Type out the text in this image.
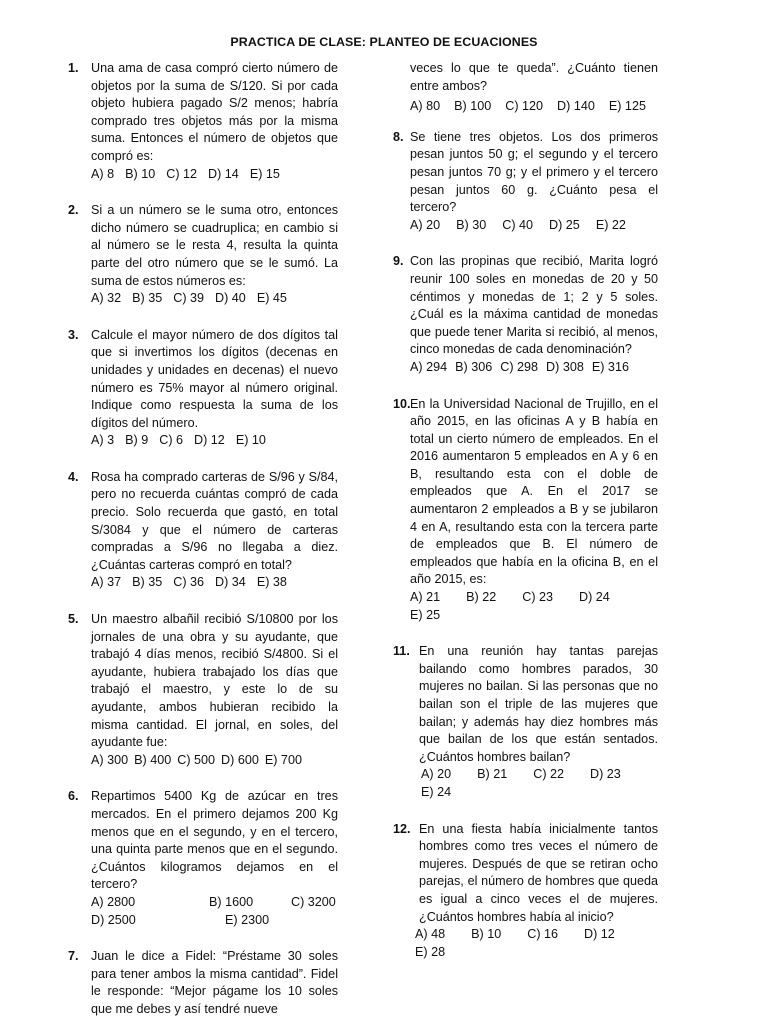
PRACTICA DE CLASE: PLANTEO DE ECUACIONES
1. Una ama de casa compró cierto número de objetos por la suma de S/120. Si por cada objeto hubiera pagado S/2 menos; habría comprado tres objetos más por la misma suma. Entonces el número de objetos que compró es:
A) 8 B) 10 C) 12 D) 14 E) 15
2. Si a un número se le suma otro, entonces dicho número se cuadruplica; en cambio si al número se le resta 4, resulta la quinta parte del otro número que se le sumó. La suma de estos números es:
A) 32 B) 35 C) 39 D) 40 E) 45
3. Calcule el mayor número de dos dígitos tal que si invertimos los dígitos (decenas en unidades y unidades en decenas) el nuevo número es 75% mayor al número original. Indique como respuesta la suma de los dígitos del número.
A) 3 B) 9 C) 6 D) 12 E) 10
4. Rosa ha comprado carteras de S/96 y S/84, pero no recuerda cuántas compró de cada precio. Solo recuerda que gastó, en total S/3084 y que el número de carteras compradas a S/96 no llegaba a diez. ¿Cuántas carteras compró en total?
A) 37 B) 35 C) 36 D) 34 E) 38
5. Un maestro albañil recibió S/10800 por los jornales de una obra y su ayudante, que trabajó 4 días menos, recibió S/4800. Si el ayudante, hubiera trabajado los días que trabajó el maestro, y este lo de su ayudante, ambos hubieran recibido la misma cantidad. El jornal, en soles, del ayudante fue:
A) 300 B) 400 C) 500 D) 600 E) 700
6. Repartimos 5400 Kg de azúcar en tres mercados. En el primero dejamos 200 Kg menos que en el segundo, y en el tercero, una quinta parte menos que en el segundo. ¿Cuántos kilogramos dejamos en el tercero?
A) 2800	B) 1600	C) 3200
D) 2500	E) 2300
7. Juan le dice a Fidel: “Préstame 30 soles para tener ambos la misma cantidad”. Fidel le responde: “Mejor págame los 10 soles que me debes y así tendré nueve
veces lo que te queda”. ¿Cuánto tienen entre ambos?
A) 80 B) 100 C) 120 D) 140 E) 125
8. Se tiene tres objetos. Los dos primeros pesan juntos 50 g; el segundo y el tercero pesan juntos 70 g; y el primero y el tercero pesan juntos 60 g. ¿Cuánto pesa el tercero?
A) 20 B) 30 C) 40 D) 25 E) 22
9. Con las propinas que recibió, Marita logró reunir 100 soles en monedas de 20 y 50 céntimos y monedas de 1; 2 y 5 soles. ¿Cuál es la máxima cantidad de monedas que puede tener Marita si recibió, al menos, cinco monedas de cada denominación?
A) 294 B) 306 C) 298 D) 308 E) 316
10. En la Universidad Nacional de Trujillo, en el año 2015, en las oficinas A y B había en total un cierto número de empleados. En el 2016 aumentaron 5 empleados en A y 6 en B, resultando esta con el doble de empleados que A. En el 2017 se aumentaron 2 empleados a B y se jubilaron 4 en A, resultando esta con la tercera parte de empleados que B. El número de empleados que había en la oficina B, en el año 2015, es:
A) 21 B) 22 C) 23 D) 24
E) 25
11. En una reunión hay tantas parejas bailando como hombres parados, 30 mujeres no bailan. Si las personas que no bailan son el triple de las mujeres que bailan; y además hay diez hombres más que bailan de los que están sentados. ¿Cuántos hombres bailan?
A) 20 B) 21 C) 22 D) 23
E) 24
12. En una fiesta había inicialmente tantos hombres como tres veces el número de mujeres. Después de que se retiran ocho parejas, el número de hombres que queda es igual a cinco veces el de mujeres. ¿Cuántos hombres había al inicio?
A) 48 B) 10 C) 16 D) 12
E) 28
